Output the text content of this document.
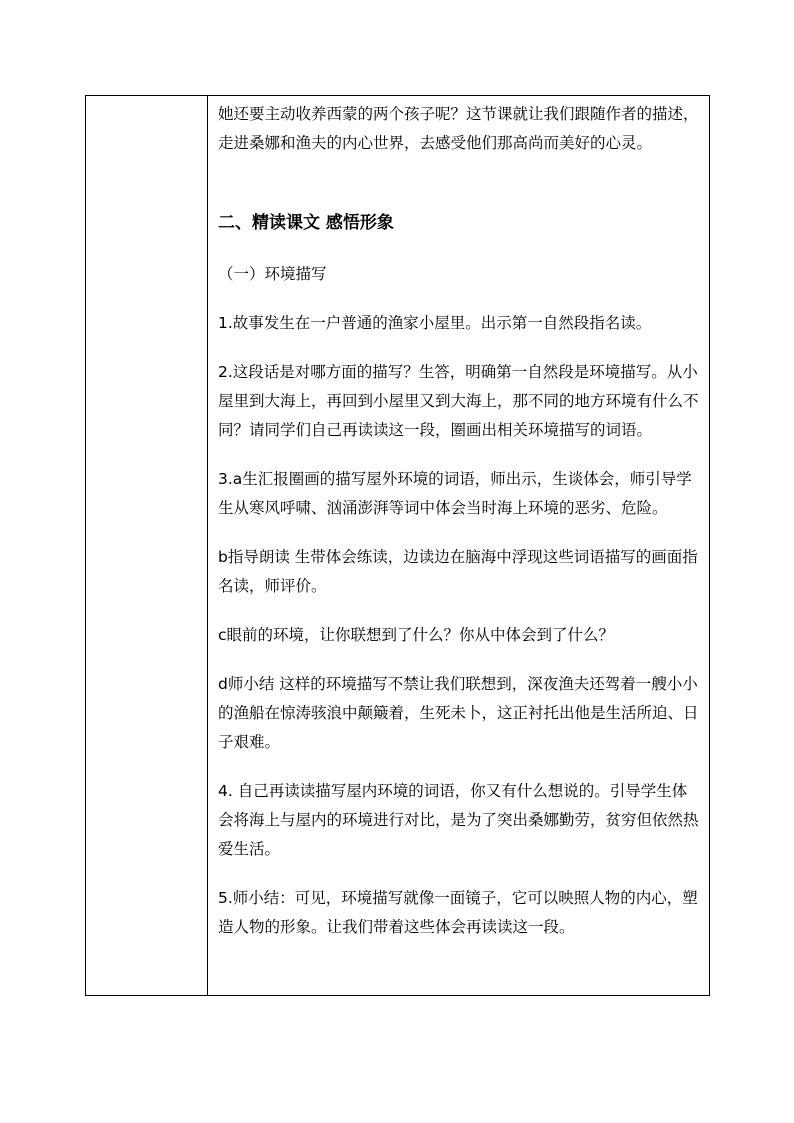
她还要主动收养西蒙的两个孩子呢？这节课就让我们跟随作者的描述，走进桑娜和渔夫的内心世界，去感受他们那高尚而美好的心灵。

二、精读课文 感悟形象

（一）环境描写

1.故事发生在一户普通的渔家小屋里。出示第一自然段指名读。

2.这段话是对哪方面的描写？生答，明确第一自然段是环境描写。从小屋里到大海上，再回到小屋里又到大海上，那不同的地方环境有什么不同？请同学们自己再读读这一段，圈画出相关环境描写的词语。

3.a生汇报圈画的描写屋外环境的词语，师出示，生谈体会，师引导学生从寒风呼啸、汹涌澎湃等词中体会当时海上环境的恶劣、危险。

b指导朗读 生带体会练读，边读边在脑海中浮现这些词语描写的画面指名读，师评价。

c眼前的环境，让你联想到了什么？你从中体会到了什么？

d师小结 这样的环境描写不禁让我们联想到，深夜渔夫还驾着一艘小小的渔船在惊涛骇浪中颠簸着，生死未卜，这正衬托出他是生活所迫、日子艰难。

4. 自己再读读描写屋内环境的词语，你又有什么想说的。引导学生体会将海上与屋内的环境进行对比，是为了突出桑娜勤劳，贫穷但依然热爱生活。

5.师小结：可见，环境描写就像一面镜子，它可以映照人物的内心，塑造人物的形象。让我们带着这些体会再读读这一段。
